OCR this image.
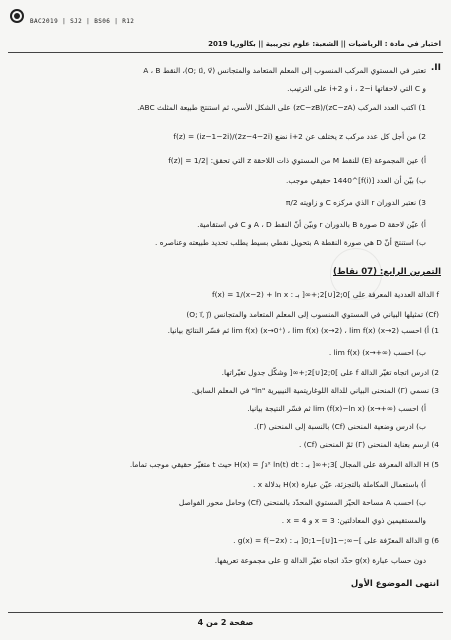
BAC2019 | SJ2 | BS06 | R12
اختبار في مادة : الرياضيات || الشعبة: علوم تجريبية || بكالوريا 2019
II.
تعتبر في المستوي المركب المنسوب إلى المعلم المتعامد والمتجانس (O; u⃗, v⃗)، النقط A ، B
و C التي لاحقاتها i ، 2−i و 2+i على الترتيب.
1) اكتب العدد المركب (zC−zA)/(zC−zB) على الشكل الأسي، ثم استنتج طبيعة المثلث ABC.
2) من أجل كل عدد مركب z يختلف عن 2+i نضع f(z) = (iz−1−2i)/(2z−4−2i)
أ) عين المجموعة (E) للنقط M من المستوي ذات اللاحقة z التي تحقق: |f(z)| = 1/2
ب) بيّن أن العدد [f(i)]^1440 حقيقي موجب.
3) نعتبر الدوران r الذي مركزه C و زاويته π/2
أ) عيّن لاحقة D صورة B بالدوران r وبيّن أنّ النقط A ، D و C في استقامية.
ب) استنتج أنّ D هي صورة النقطة A بتحويل نقطي بسيط يطلب تحديد طبيعته وعناصره .
التمرين الرابع: (07 نقاط)
f الدالة العددية المعرفة على ]0;2[∪]2;+∞[ بـ : f(x) = 1/(x−2) + ln x
(Cf) تمثيلها البياني في المستوي المنسوب إلى المعلم المتعامد والمتجانس (O; i⃗, j⃗)
1) أ) احسب lim f(x) (x→0⁺) ، lim f(x) (x→2) ، lim f(x) (x→2) ثم فسّر النتائج بيانيا.
ب) احسب lim f(x) (x→+∞) .
2) ادرس اتجاه تغيّر الدالة f على ]0;2[∪]2;+∞[ وشكّل جدول تغيّراتها.
3) نسمي (Γ) المنحنى البياني للدالة اللوغاريتمية النيبيرية "ln" في المعلم السابق.
أ) احسب lim (f(x)−ln x) (x→+∞) ثم فسّر النتيجة بيانيا.
ب) ادرس وضعية المنحنى (Cf) بالنسبة إلى المنحنى (Γ).
4) ارسم بعناية المنحنى (Γ) ثمّ المنحنى (Cf) .
5) H الدالة المعرفة على المجال ]3;+∞[ بـ : H(x) = ∫₃ˣ ln(t) dt حيث t متغيّر حقيقي موجب تماما.
أ) باستعمال المكاملة بالتجزئة، عيّن عبارة H(x) بدلالة x .
ب) احسب A مساحة الحيّز المستوي المحدّد بالمنحنى (Cf) وحامل محور الفواصل
والمستقيمين ذوي المعادلتين: x = 3 و x = 4 .
6) g الدالة المعرّفة على ]−∞;−1[∪]−1;0[ بـ : g(x) = f(−2x) .
دون حساب عبارة g(x) حدّد اتجاه تغيّر الدالة g على مجموعة تعريفها.
انتهى الموضوع الأول
صفحة 2 من 4
